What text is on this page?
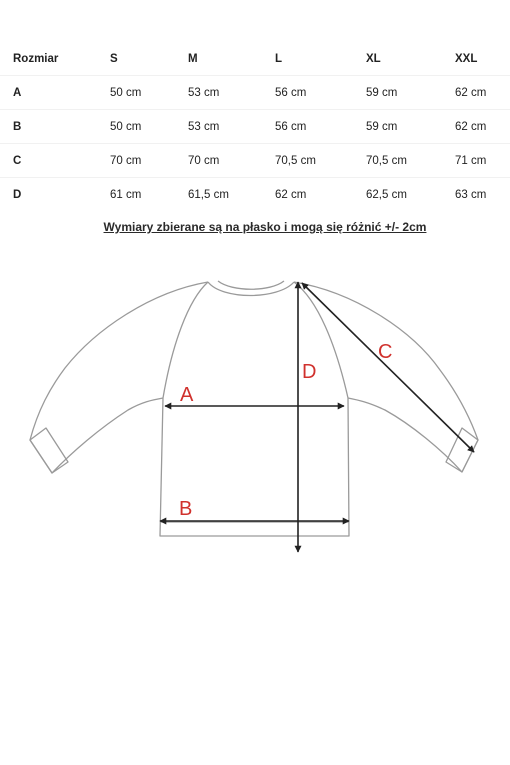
Rozmiar	S	M	L	XL	XXL
A	50 cm	53 cm	56 cm	59 cm	62 cm
B	50 cm	53 cm	56 cm	59 cm	62 cm
C	70 cm	70 cm	70,5 cm	70,5 cm	71 cm
D	61 cm	61,5 cm	62 cm	62,5 cm	63 cm
Wymiary zbierane są na płasko i mogą się różnić +/- 2cm
A
B
C
D
